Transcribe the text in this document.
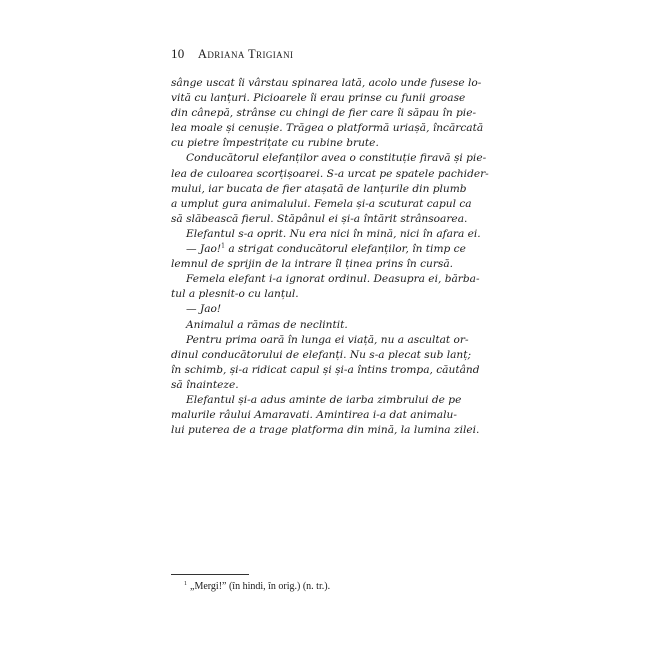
10 Adriana Trigiani
sânge uscat îi vârstau spinarea lată, acolo unde fusese lo-
vită cu lanțuri. Picioarele îi erau prinse cu funii groase
din cânepă, strânse cu chingi de fier care îi săpau în pie-
lea moale și cenușie. Trăgea o platformă uriașă, încărcată
cu pietre împestrițate cu rubine brute.
Conducătorul elefanților avea o constituție firavă și pie-
lea de culoarea scorțișoarei. S-a urcat pe spatele pachider-
mului, iar bucata de fier atașată de lanțurile din plumb
a umplut gura animalului. Femela și-a scuturat capul ca
să slăbească fierul. Stăpânul ei și-a întărit strânsoarea.
Elefantul s-a oprit. Nu era nici în mină, nici în afara ei.
— Jao!$^1$ a strigat conducătorul elefanților, în timp ce
lemnul de sprijin de la intrare îl ținea prins în cursă.
Femela elefant i-a ignorat ordinul. Deasupra ei, bărba-
tul a plesnit-o cu lanțul.
— Jao!
Animalul a rămas de neclintit.
Pentru prima oară în lunga ei viață, nu a ascultat or-
dinul conducătorului de elefanți. Nu s-a plecat sub lanț;
în schimb, și-a ridicat capul și și-a întins trompa, căutând
să înainteze.
Elefantul și-a adus aminte de iarba zimbrului de pe
malurile râului Amaravati. Amintirea i-a dat animalu-
lui puterea de a trage platforma din mină, la lumina zilei.
$^1$ „Mergi!” (în hindi, în orig.) (n. tr.).
